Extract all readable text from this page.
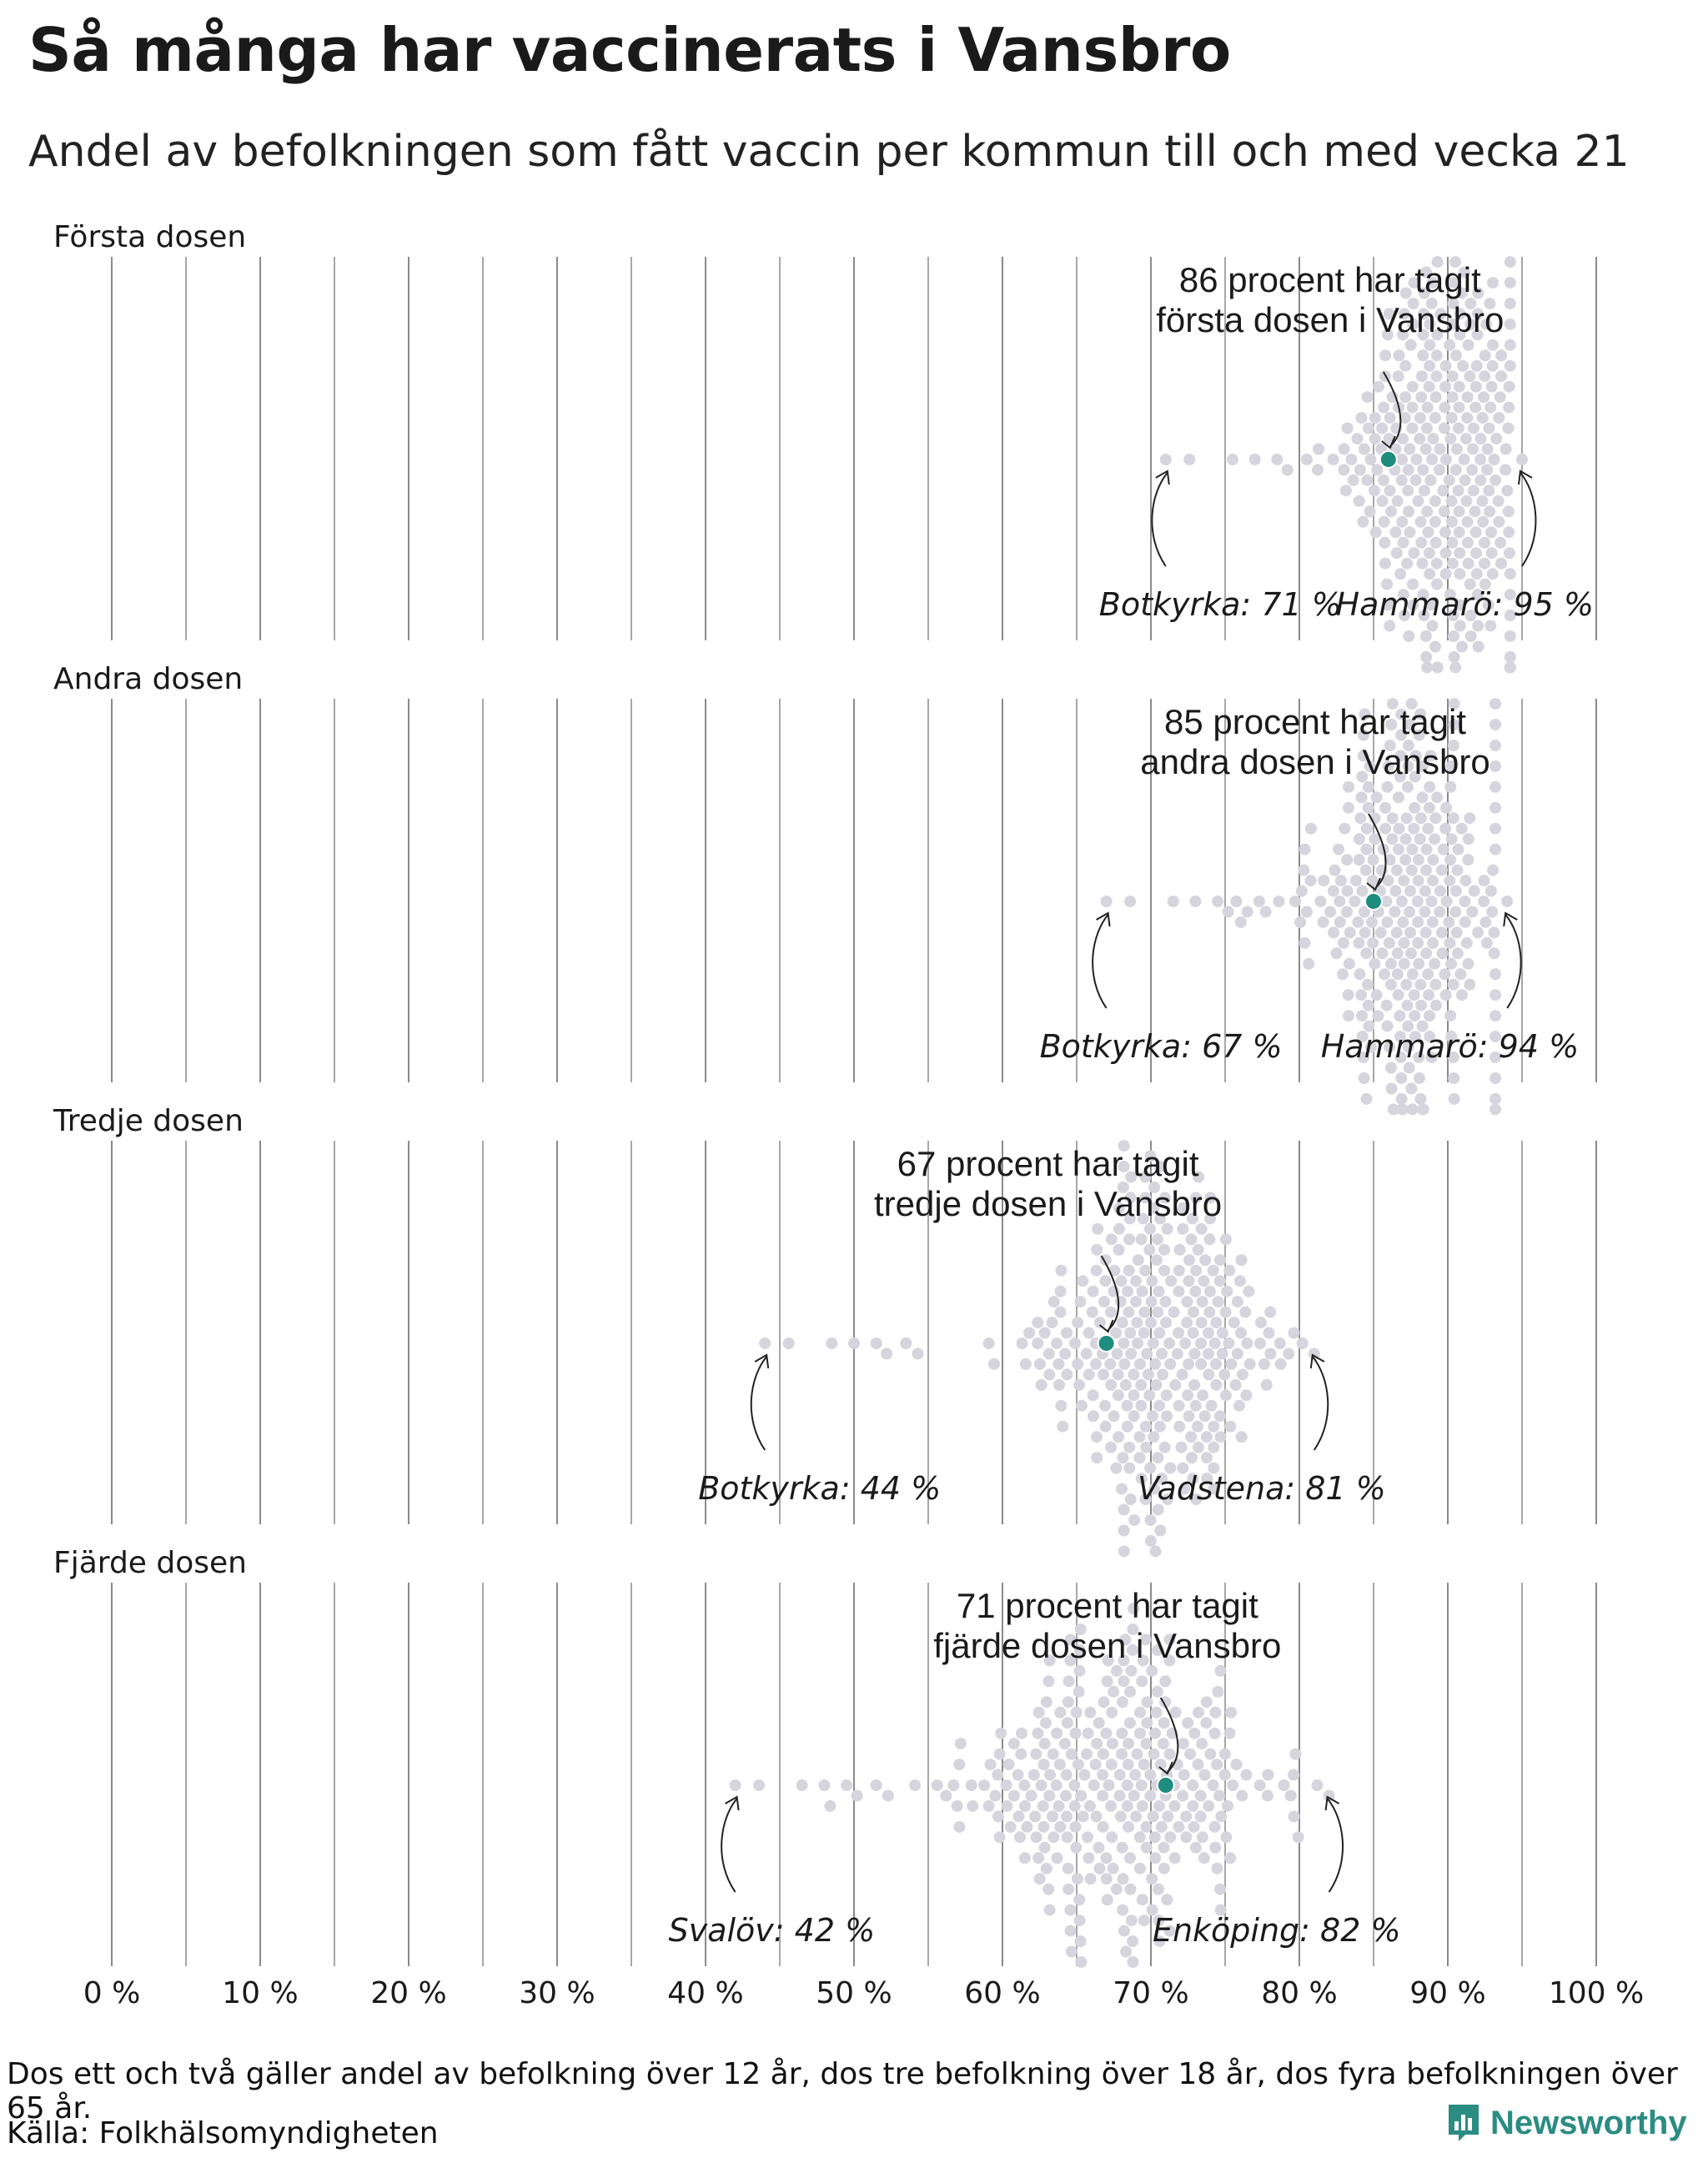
Så många har vaccinerats i Vansbro
Andel av befolkningen som fått vaccin per kommun till och med vecka 21
Första dosen
86 procent har tagit
första dosen i Vansbro
Botkyrka: 71 %
Hammarö: 95 %
Andra dosen
85 procent har tagit
andra dosen i Vansbro
Botkyrka: 67 % Hammarö: 94 %
Tredje dosen
67 procent har tagit
tredje dosen i Vansbro
Botkyrka: 44 %	Vadstena: 81 %
Fjärde dosen
71 procent har tagit
fjärde dosen i Vansbro
Svalöv: 42 %	Enköping: 82 %
0 %	10 % 20 % 30 % 40 % 50 % 60 % 70 % 80 % 90 % 100 %
Dos ett och två gäller andel av befolkning över 12 år, dos tre befolkning över 18 år, dos fyra befolkningen över 65 år.
Källa: Folkhälsomyndigheten	Newsworthy
